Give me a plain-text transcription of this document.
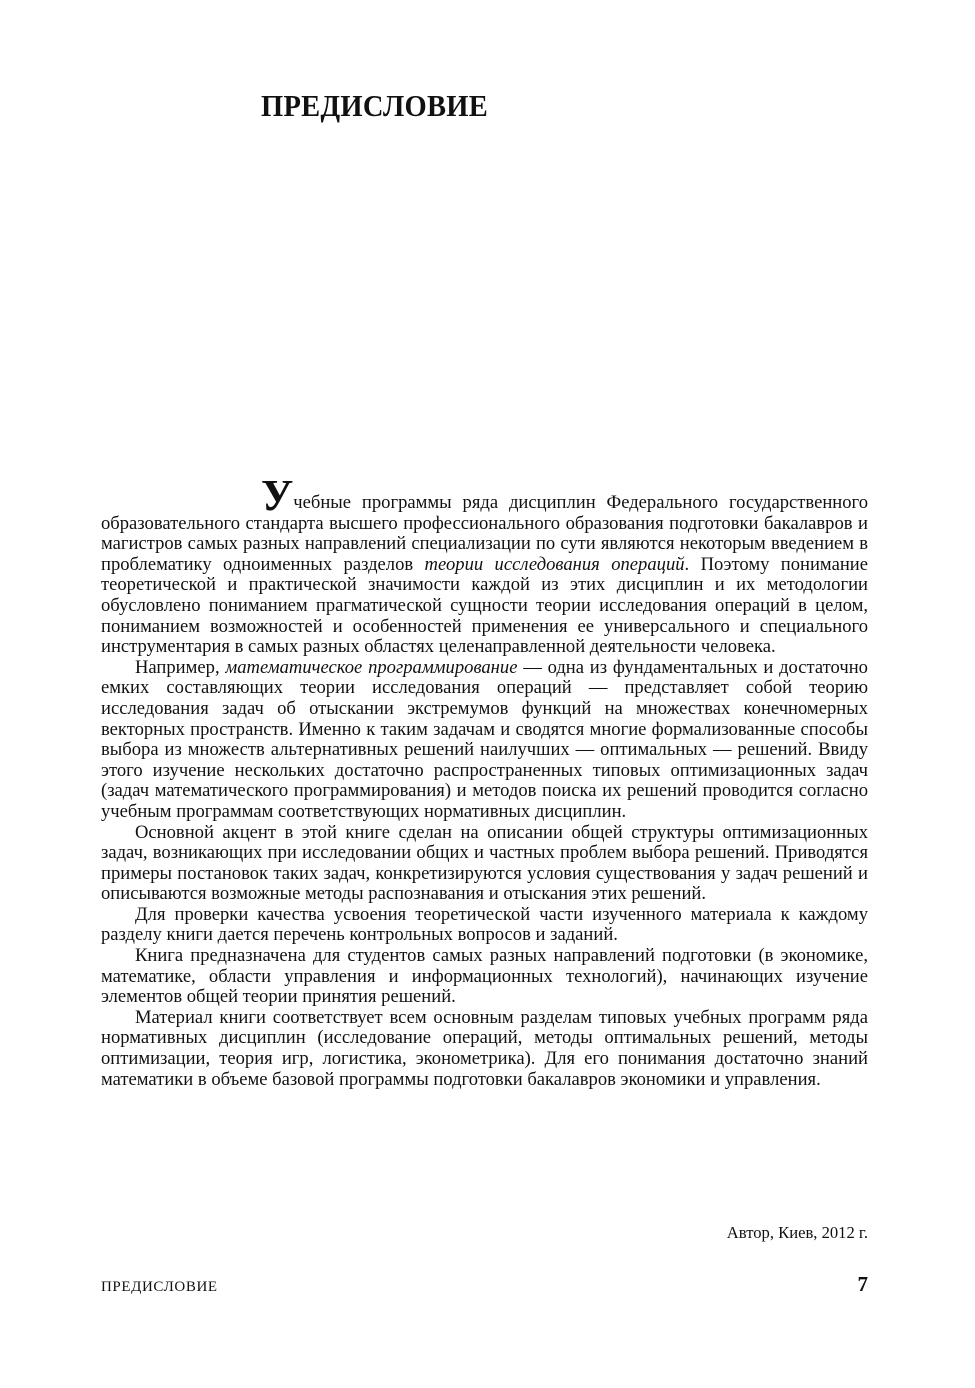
ПРЕДИСЛОВИЕ

Учебные программы ряда дисциплин Федерального государственного образовательного стандарта высшего профессионального образования подготовки бакалавров и магистров самых разных направлений специализации по сути являются некоторым введением в проблематику одноименных разделов теории исследования операций. Поэтому понимание теоретической и практической значимости каждой из этих дисциплин и их методологии обусловлено пониманием прагматической сущности теории исследования операций в целом, пониманием возможностей и особенностей применения ее универсального и специального инструментария в самых разных областях целенаправленной деятельности человека.

Например, математическое программирование — одна из фундаментальных и достаточно емких составляющих теории исследования операций — представляет собой теорию исследования задач об отыскании экстремумов функций на множествах конечномерных векторных пространств. Именно к таким задачам и сводятся многие формализованные способы выбора из множеств альтернативных решений наилучших — оптимальных — решений. Ввиду этого изучение нескольких достаточно распространенных типовых оптимизационных задач (задач математического программирования) и методов поиска их решений проводится согласно учебным программам соответствующих нормативных дисциплин.

Основной акцент в этой книге сделан на описании общей структуры оптимизационных задач, возникающих при исследовании общих и частных проблем выбора решений. Приводятся примеры постановок таких задач, конкретизируются условия существования у задач решений и описываются возможные методы распознавания и отыскания этих решений.

Для проверки качества усвоения теоретической части изученного материала к каждому разделу книги дается перечень контрольных вопросов и заданий.

Книга предназначена для студентов самых разных направлений подготовки (в экономике, математике, области управления и информационных технологий), начинающих изучение элементов общей теории принятия решений.

Материал книги соответствует всем основным разделам типовых учебных программ ряда нормативных дисциплин (исследование операций, методы оптимальных решений, методы оптимизации, теория игр, логистика, эконометрика). Для его понимания достаточно знаний математики в объеме базовой программы подготовки бакалавров экономики и управления.

Автор, Киев, 2012 г.
ПРЕДИСЛОВИЕ	7
